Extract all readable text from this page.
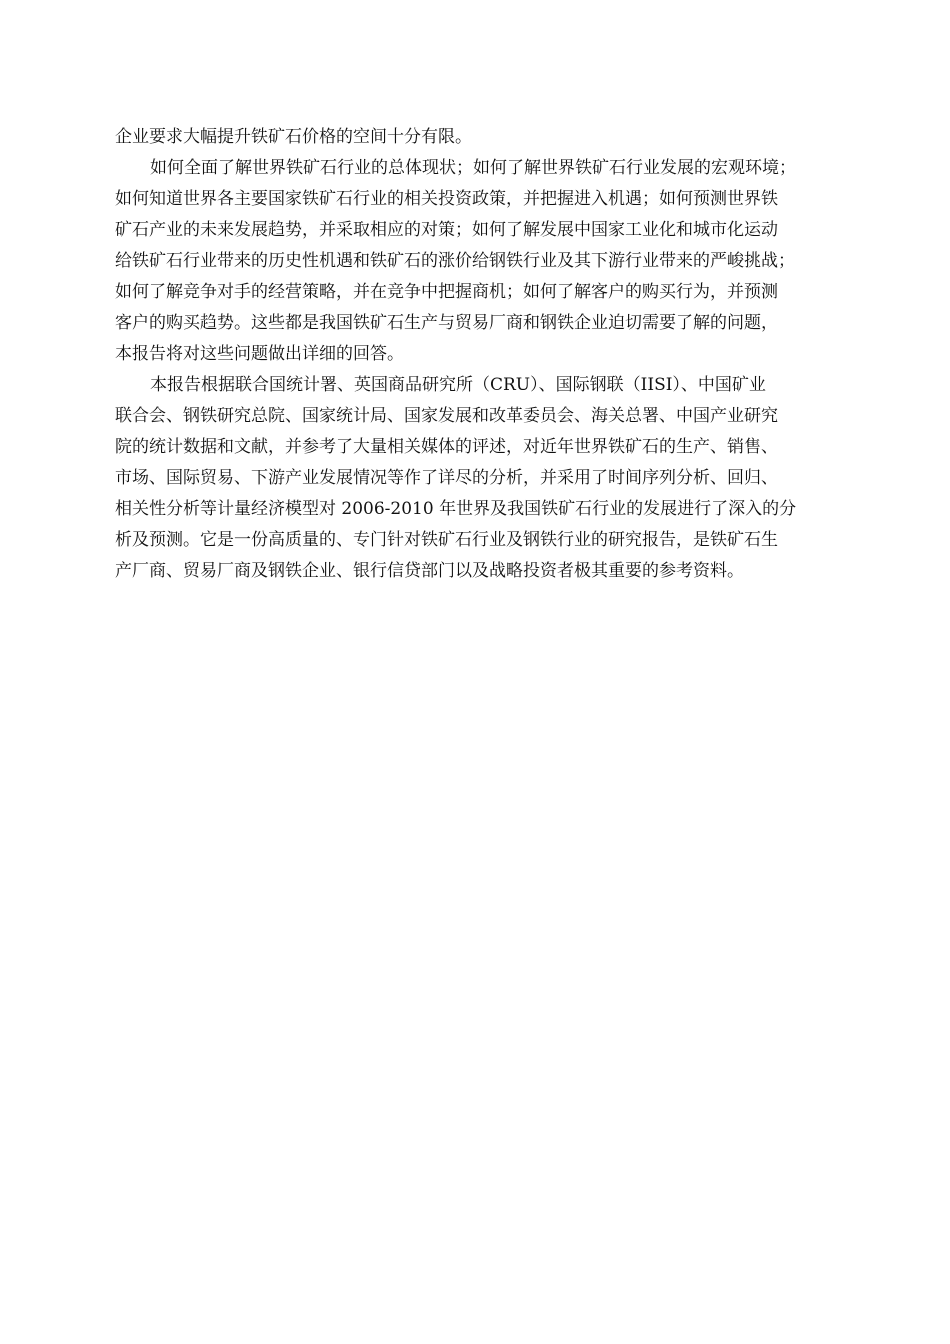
企业要求大幅提升铁矿石价格的空间十分有限。
如何全面了解世界铁矿石行业的总体现状；如何了解世界铁矿石行业发展的宏观环境；
如何知道世界各主要国家铁矿石行业的相关投资政策，并把握进入机遇；如何预测世界铁
矿石产业的未来发展趋势，并采取相应的对策；如何了解发展中国家工业化和城市化运动
给铁矿石行业带来的历史性机遇和铁矿石的涨价给钢铁行业及其下游行业带来的严峻挑战；
如何了解竞争对手的经营策略，并在竞争中把握商机；如何了解客户的购买行为，并预测
客户的购买趋势。这些都是我国铁矿石生产与贸易厂商和钢铁企业迫切需要了解的问题，
本报告将对这些问题做出详细的回答。
本报告根据联合国统计署、英国商品研究所（CRU）、国际钢联（IISI）、中国矿业
联合会、钢铁研究总院、国家统计局、国家发展和改革委员会、海关总署、中国产业研究
院的统计数据和文献，并参考了大量相关媒体的评述，对近年世界铁矿石的生产、销售、
市场、国际贸易、下游产业发展情况等作了详尽的分析，并采用了时间序列分析、回归、
相关性分析等计量经济模型对 2006-2010 年世界及我国铁矿石行业的发展进行了深入的分
析及预测。它是一份高质量的、专门针对铁矿石行业及钢铁行业的研究报告，是铁矿石生
产厂商、贸易厂商及钢铁企业、银行信贷部门以及战略投资者极其重要的参考资料。
